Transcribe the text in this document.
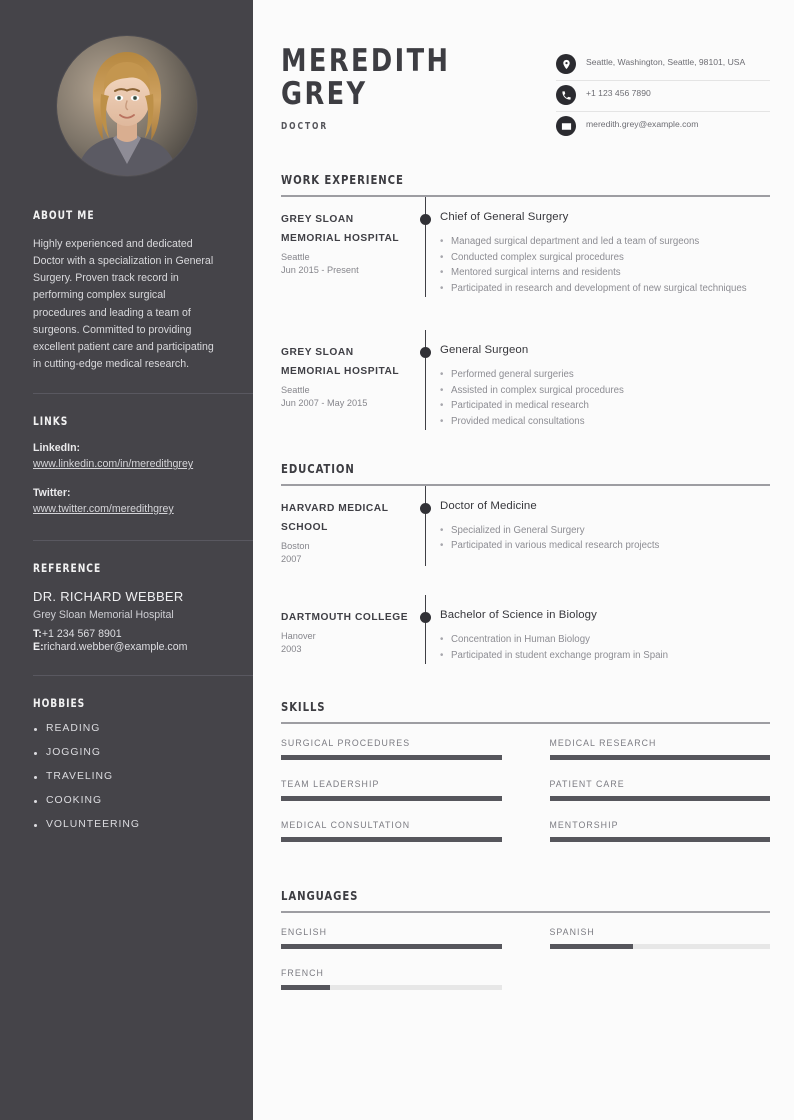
ABOUT ME

Highly experienced and dedicated Doctor with a specialization in General Surgery. Proven track record in performing complex surgical procedures and leading a team of surgeons. Committed to providing excellent patient care and participating in cutting-edge medical research.

LINKS
LinkedIn:
www.linkedin.com/in/meredithgrey
Twitter:
www.twitter.com/meredithgrey
REFERENCE
DR. RICHARD WEBBER
Grey Sloan Memorial Hospital
T:+1 234 567 8901
E:richard.webber@example.com
HOBBIES
READING
JOGGING
TRAVELING
COOKING
VOLUNTEERING
MEREDITH
GREY
DOCTOR
Seattle, Washington, Seattle, 98101, USA
+1 123 456 7890
meredith.grey@example.com
WORK EXPERIENCE
GREY SLOAN MEMORIAL HOSPITAL
Seattle
Jun 2015 - Present
Chief of General Surgery
• Managed surgical department and led a team of surgeons
• Conducted complex surgical procedures
• Mentored surgical interns and residents
• Participated in research and development of new surgical techniques
GREY SLOAN MEMORIAL HOSPITAL
Seattle
Jun 2007 - May 2015
General Surgeon
• Performed general surgeries
• Assisted in complex surgical procedures
• Participated in medical research
• Provided medical consultations
EDUCATION
HARVARD MEDICAL SCHOOL
Boston
2007
Doctor of Medicine
• Specialized in General Surgery
• Participated in various medical research projects
DARTMOUTH COLLEGE
Hanover
2003
Bachelor of Science in Biology
• Concentration in Human Biology
• Participated in student exchange program in Spain
SKILLS
SURGICAL PROCEDURES
TEAM LEADERSHIP
MEDICAL CONSULTATION
MEDICAL RESEARCH
PATIENT CARE
MENTORSHIP
LANGUAGES
ENGLISH
FRENCH
SPANISH
